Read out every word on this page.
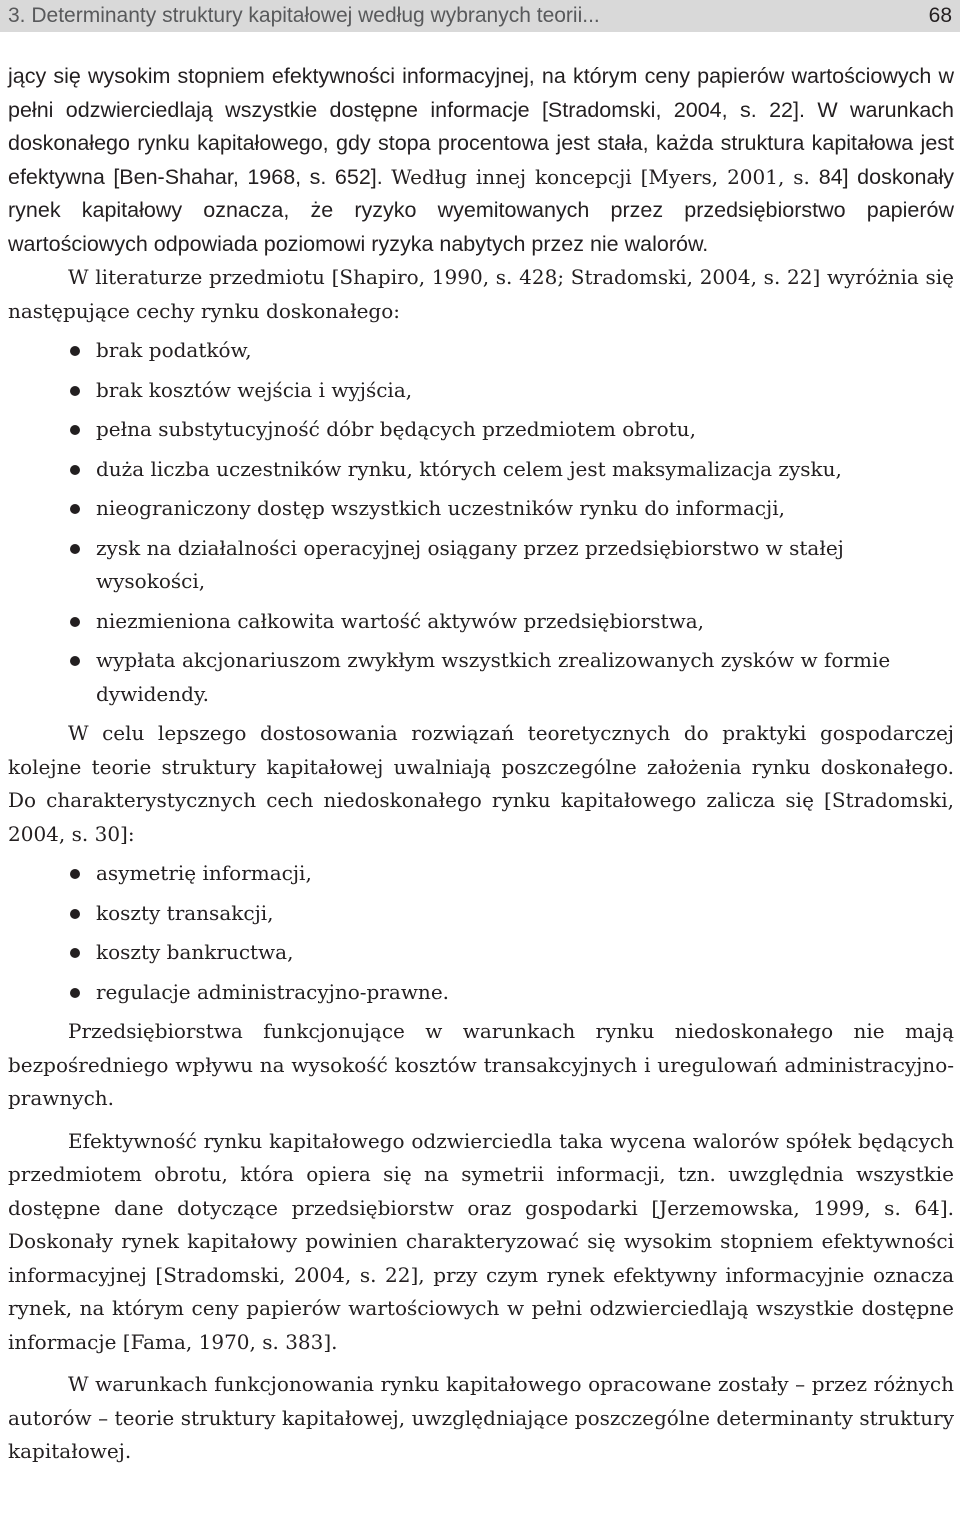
3. Determinanty struktury kapitałowej według wybranych teorii...	68

jący się wysokim stopniem efektywności informacyjnej, na którym ceny papierów wartościowych w pełni odzwierciedlają wszystkie dostępne informacje [Stradomski, 2004, s. 22]. W warunkach doskonałego rynku kapitałowego, gdy stopa procentowa jest stała, każda struktura kapitałowa jest efektywna [Ben-Shahar, 1968, s. 652]. Według innej koncepcji [Myers, 2001, s. 84] doskonały rynek kapitałowy oznacza, że ryzyko wyemitowanych przez przedsiębiorstwo papierów wartościowych odpowiada poziomowi ryzyka nabytych przez nie walorów.

W literaturze przedmiotu [Shapiro, 1990, s. 428; Stradomski, 2004, s. 22] wyróżnia się następujące cechy rynku doskonałego:

brak podatków,
brak kosztów wejścia i wyjścia,
pełna substytucyjność dóbr będących przedmiotem obrotu,
duża liczba uczestników rynku, których celem jest maksymalizacja zysku,
nieograniczony dostęp wszystkich uczestników rynku do informacji,
zysk na działalności operacyjnej osiągany przez przedsiębiorstwo w stałej wysokości,
niezmieniona całkowita wartość aktywów przedsiębiorstwa,
wypłata akcjonariuszom zwykłym wszystkich zrealizowanych zysków w formie dywidendy.

W celu lepszego dostosowania rozwiązań teoretycznych do praktyki gospodarczej kolejne teorie struktury kapitałowej uwalniają poszczególne założenia rynku doskonałego. Do charakterystycznych cech niedoskonałego rynku kapitałowego zalicza się [Stradomski, 2004, s. 30]:

asymetrię informacji,
koszty transakcji,
koszty bankructwa,
regulacje administracyjno-prawne.

Przedsiębiorstwa funkcjonujące w warunkach rynku niedoskonałego nie mają bezpośredniego wpływu na wysokość kosztów transakcyjnych i uregulowań administracyjno-prawnych.

Efektywność rynku kapitałowego odzwierciedla taka wycena walorów spółek będących przedmiotem obrotu, która opiera się na symetrii informacji, tzn. uwzględnia wszystkie dostępne dane dotyczące przedsiębiorstw oraz gospodarki [Jerzemowska, 1999, s. 64]. Doskonały rynek kapitałowy powinien charakteryzować się wysokim stopniem efektywności informacyjnej [Stradomski, 2004, s. 22], przy czym rynek efektywny informacyjnie oznacza rynek, na którym ceny papierów wartościowych w pełni odzwierciedlają wszystkie dostępne informacje [Fama, 1970, s. 383].

W warunkach funkcjonowania rynku kapitałowego opracowane zostały – przez różnych autorów – teorie struktury kapitałowej, uwzględniające poszczególne determinanty struktury kapitałowej.
